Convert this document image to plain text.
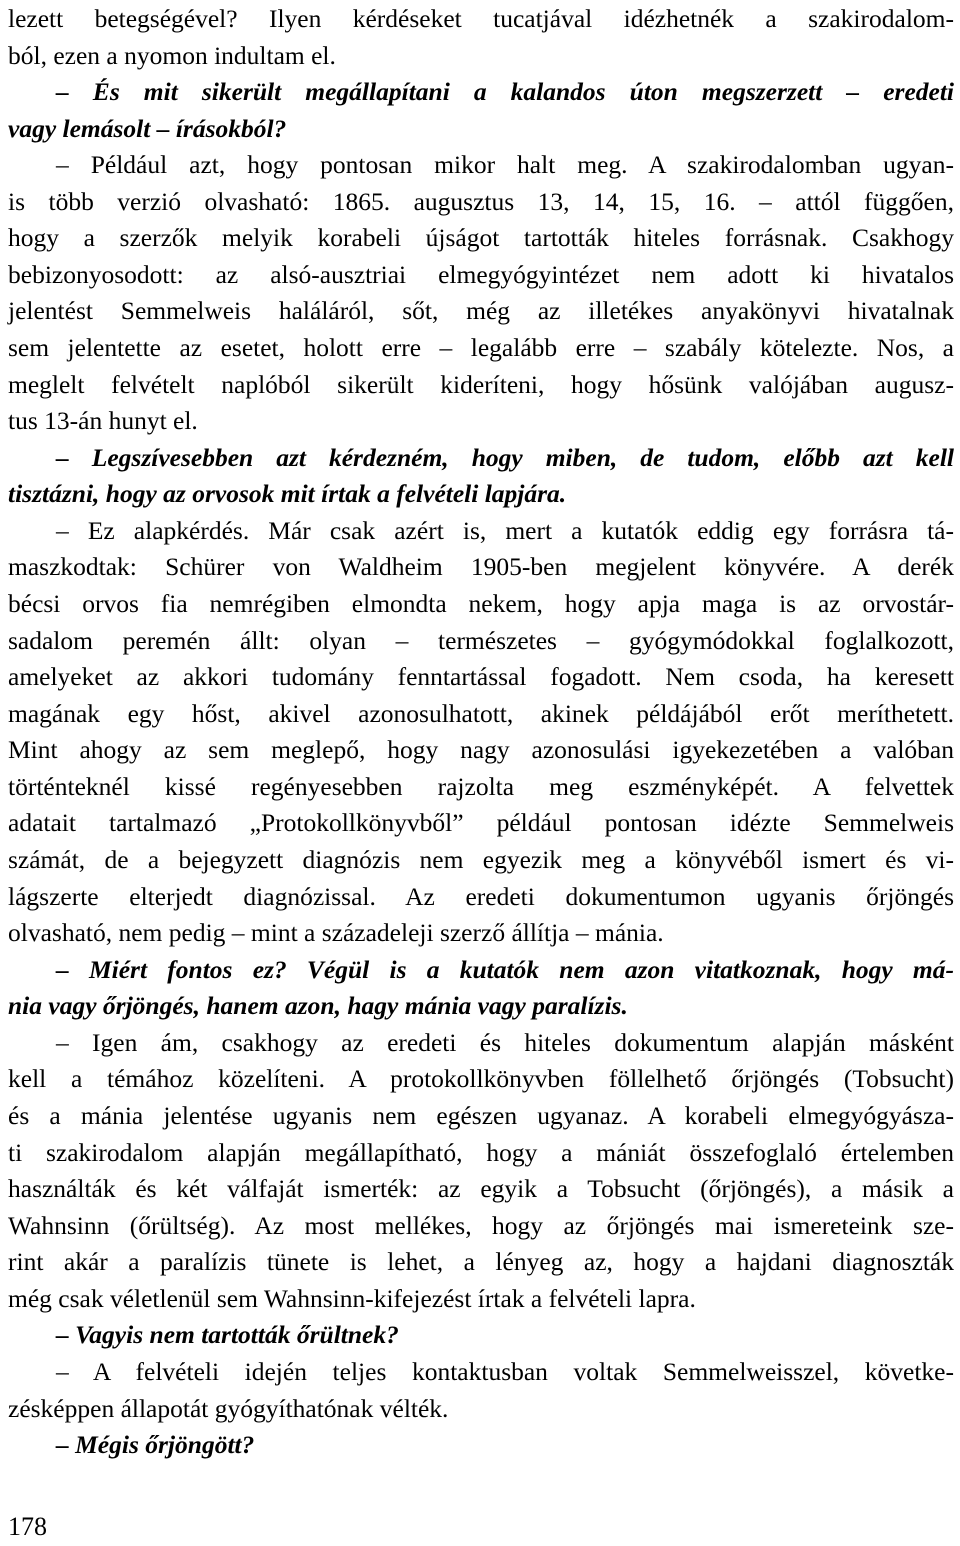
lezett betegségével? Ilyen kérdéseket tucatjával idézhetnék a szakirodalom-
ból, ezen a nyomon indultam el.
– És mit sikerült megállapítani a kalandos úton megszerzett – eredeti
vagy lemásolt – írásokból?
– Például azt, hogy pontosan mikor halt meg. A szakirodalomban ugyan-
is több verzió olvasható: 1865. augusztus 13, 14, 15, 16. – attól függően,
hogy a szerzők melyik korabeli újságot tartották hiteles forrásnak. Csakhogy
bebizonyosodott: az alsó-ausztriai elmegyógyintézet nem adott ki hivatalos
jelentést Semmelweis haláláról, sőt, még az illetékes anyakönyvi hivatalnak
sem jelentette az esetet, holott erre – legalább erre – szabály kötelezte. Nos, a
meglelt felvételt naplóból sikerült kideríteni, hogy hősünk valójában augusz-
tus 13-án hunyt el.
– Legszívesebben azt kérdezném, hogy miben, de tudom, előbb azt kell
tisztázni, hogy az orvosok mit írtak a felvételi lapjára.
– Ez alapkérdés. Már csak azért is, mert a kutatók eddig egy forrásra tá-
maszkodtak: Schürer von Waldheim 1905-ben megjelent könyvére. A derék
bécsi orvos fia nemrégiben elmondta nekem, hogy apja maga is az orvostár-
sadalom peremén állt: olyan – természetes – gyógymódokkal foglalkozott,
amelyeket az akkori tudomány fenntartással fogadott. Nem csoda, ha keresett
magának egy hőst, akivel azonosulhatott, akinek példájából erőt meríthetett.
Mint ahogy az sem meglepő, hogy nagy azonosulási igyekezetében a valóban
történteknél kissé regényesebben rajzolta meg eszményképét. A felvettek
adatait tartalmazó „Protokollkönyvből” például pontosan idézte Semmelweis
számát, de a bejegyzett diagnózis nem egyezik meg a könyvéből ismert és vi-
lágszerte elterjedt diagnózissal. Az eredeti dokumentumon ugyanis őrjöngés
olvasható, nem pedig – mint a századeleji szerző állítja – mánia.
– Miért fontos ez? Végül is a kutatók nem azon vitatkoznak, hogy má-
nia vagy őrjöngés, hanem azon, hagy mánia vagy paralízis.
– Igen ám, csakhogy az eredeti és hiteles dokumentum alapján másként
kell a témához közelíteni. A protokollkönyvben föllelhető őrjöngés (Tobsucht)
és a mánia jelentése ugyanis nem egészen ugyanaz. A korabeli elmegyógyásza-
ti szakirodalom alapján megállapítható, hogy a mániát összefoglaló értelemben
használták és két válfaját ismerték: az egyik a Tobsucht (őrjöngés), a másik a
Wahnsinn (őrültség). Az most mellékes, hogy az őrjöngés mai ismereteink sze-
rint akár a paralízis tünete is lehet, a lényeg az, hogy a hajdani diagnoszták
még csak véletlenül sem Wahnsinn-kifejezést írtak a felvételi lapra.
– Vagyis nem tartották őrültnek?
– A felvételi idején teljes kontaktusban voltak Semmelweisszel, követke-
zésképpen állapotát gyógyíthatónak vélték.
– Mégis őrjöngött?
178
